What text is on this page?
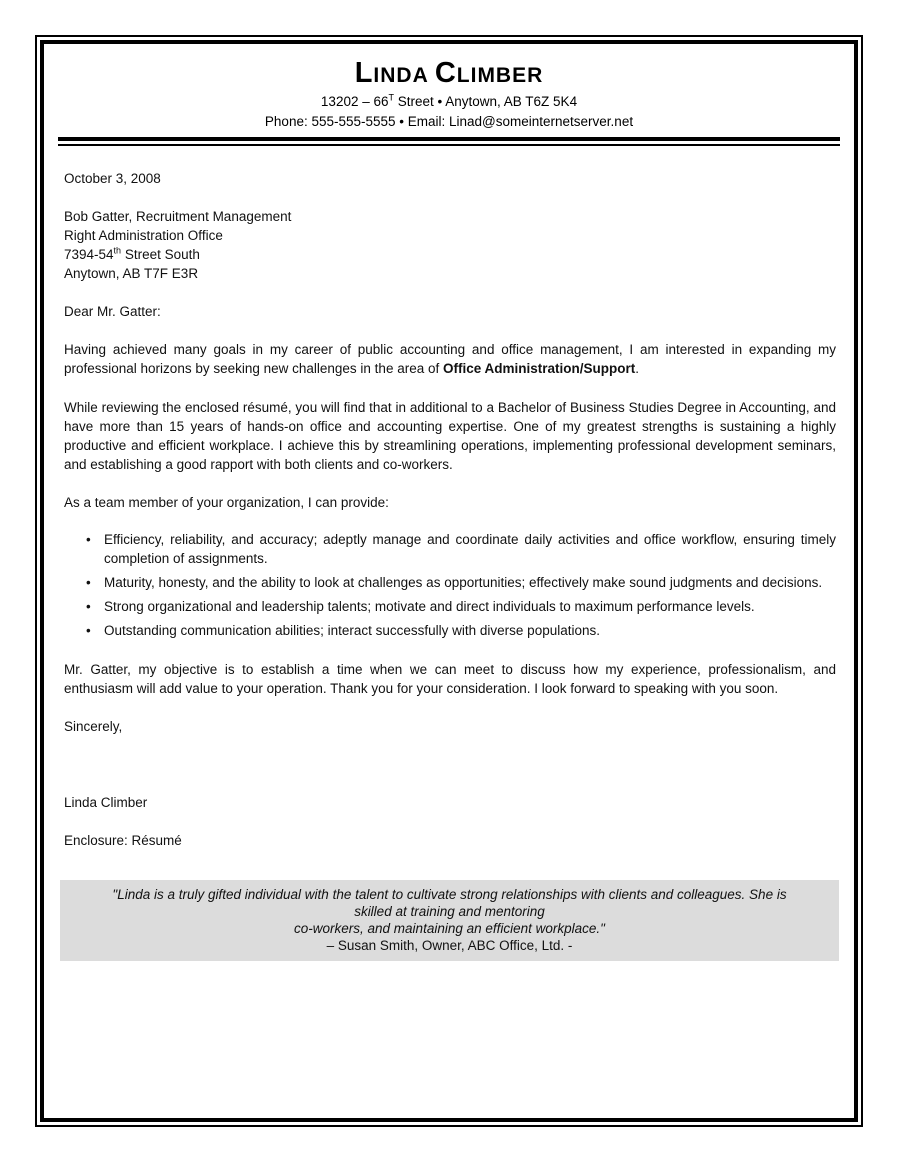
LINDA CLIMBER
$13202 - 66^T$ Street • Anytown, AB T6Z 5K4
Phone: 555-555-5555 • Email: Linad@someinternetserver.net
October 3, 2008
Bob Gatter, Recruitment Management
Right Administration Office
7394-54th Street South
Anytown, AB T7F E3R
Dear Mr. Gatter:
Having achieved many goals in my career of public accounting and office management, I am interested in expanding my professional horizons by seeking new challenges in the area of Office Administration/Support.
While reviewing the enclosed résumé, you will find that in additional to a Bachelor of Business Studies Degree in Accounting, and have more than 15 years of hands-on office and accounting expertise. One of my greatest strengths is sustaining a highly productive and efficient workplace. I achieve this by streamlining operations, implementing professional development seminars, and establishing a good rapport with both clients and co-workers.
As a team member of your organization, I can provide:
• Efficiency, reliability, and accuracy; adeptly manage and coordinate daily activities and office workflow, ensuring timely completion of assignments.
• Maturity, honesty, and the ability to look at challenges as opportunities; effectively make sound judgments and decisions.
• Strong organizational and leadership talents; motivate and direct individuals to maximum performance levels.
• Outstanding communication abilities; interact successfully with diverse populations.
Mr. Gatter, my objective is to establish a time when we can meet to discuss how my experience, professionalism, and enthusiasm will add value to your operation. Thank you for your consideration. I look forward to speaking with you soon.
Sincerely,
Linda Climber
Enclosure: Résumé
"Linda is a truly gifted individual with the talent to cultivate strong relationships with clients and colleagues. She is
skilled at training and mentoring
co-workers, and maintaining an efficient workplace."
– Susan Smith, Owner, ABC Office, Ltd. -
